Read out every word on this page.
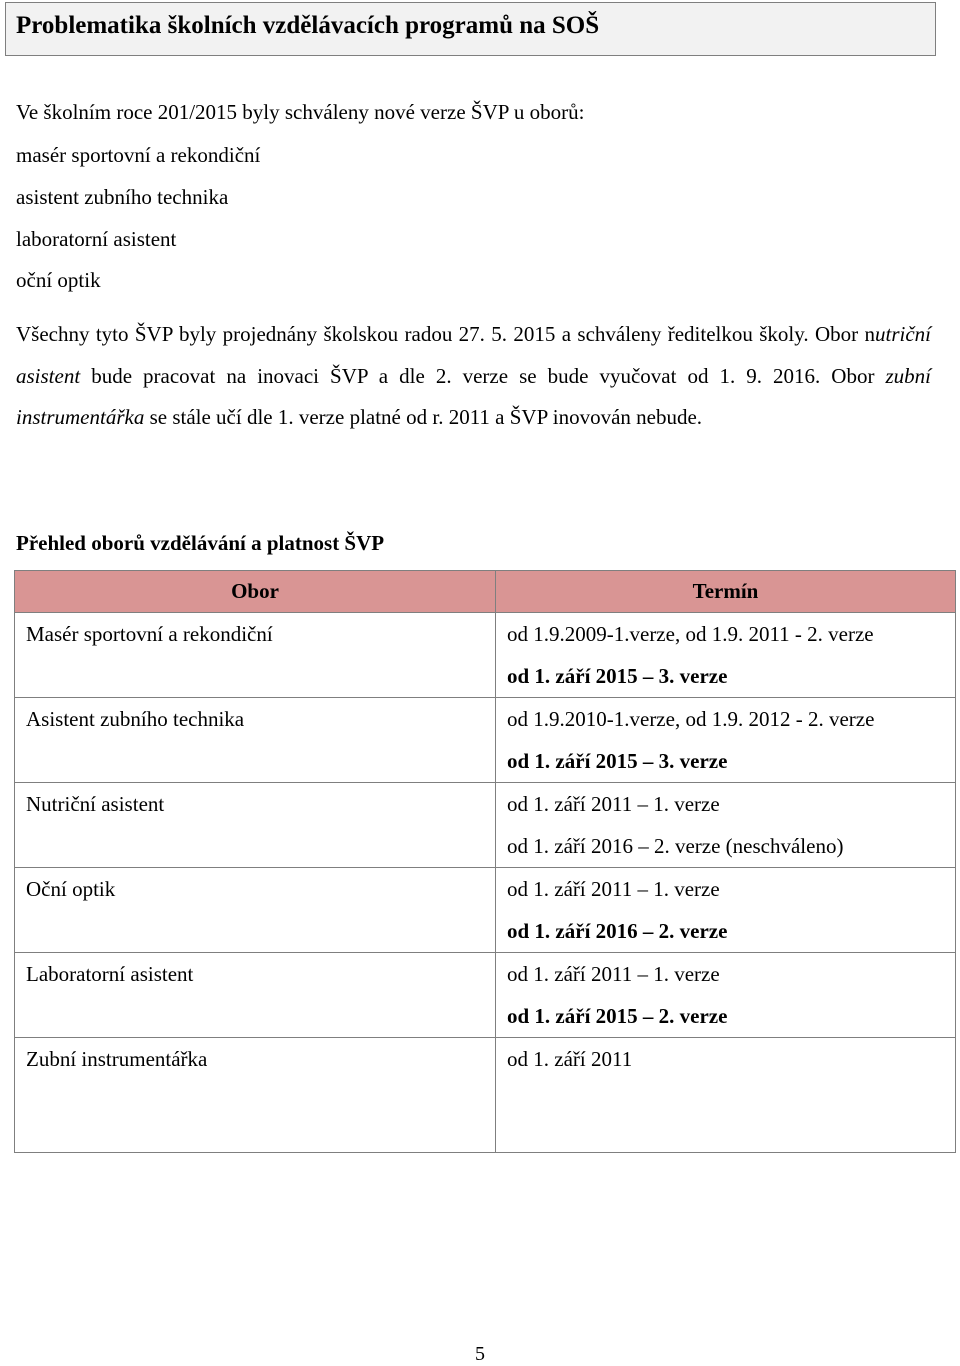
Problematika školních vzdělávacích programů na SOŠ
Ve školním roce 201/2015 byly schváleny nové verze ŠVP u oborů:
masér sportovní a rekondiční
asistent zubního technika
laboratorní asistent
oční optik
Všechny tyto ŠVP byly projednány školskou radou 27. 5. 2015 a schváleny ředitelkou školy. Obor nutriční asistent bude pracovat na inovaci ŠVP a dle 2. verze se bude vyučovat od 1. 9. 2016. Obor zubní instrumentářka se stále učí dle 1. verze platné od r. 2011 a ŠVP inovován nebude.
Přehled oborů vzdělávání a platnost ŠVP
Obor	Termín
Masér sportovní a rekondiční	od 1.9.2009-1.verze, od 1.9. 2011 - 2. verze
od 1. září 2015 – 3. verze

Asistent zubního technika	od 1.9.2010-1.verze, od 1.9. 2012 - 2. verze
od 1. září 2015 – 3. verze

Nutriční asistent	od 1. září 2011 – 1. verze
od 1. září 2016 – 2. verze (neschváleno)

Oční optik	od 1. září 2011 – 1. verze
od 1. září 2016 – 2. verze

Laboratorní asistent	od 1. září 2011 – 1. verze
od 1. září 2015 – 2. verze

Zubní instrumentářka	od 1. září 2011
5
